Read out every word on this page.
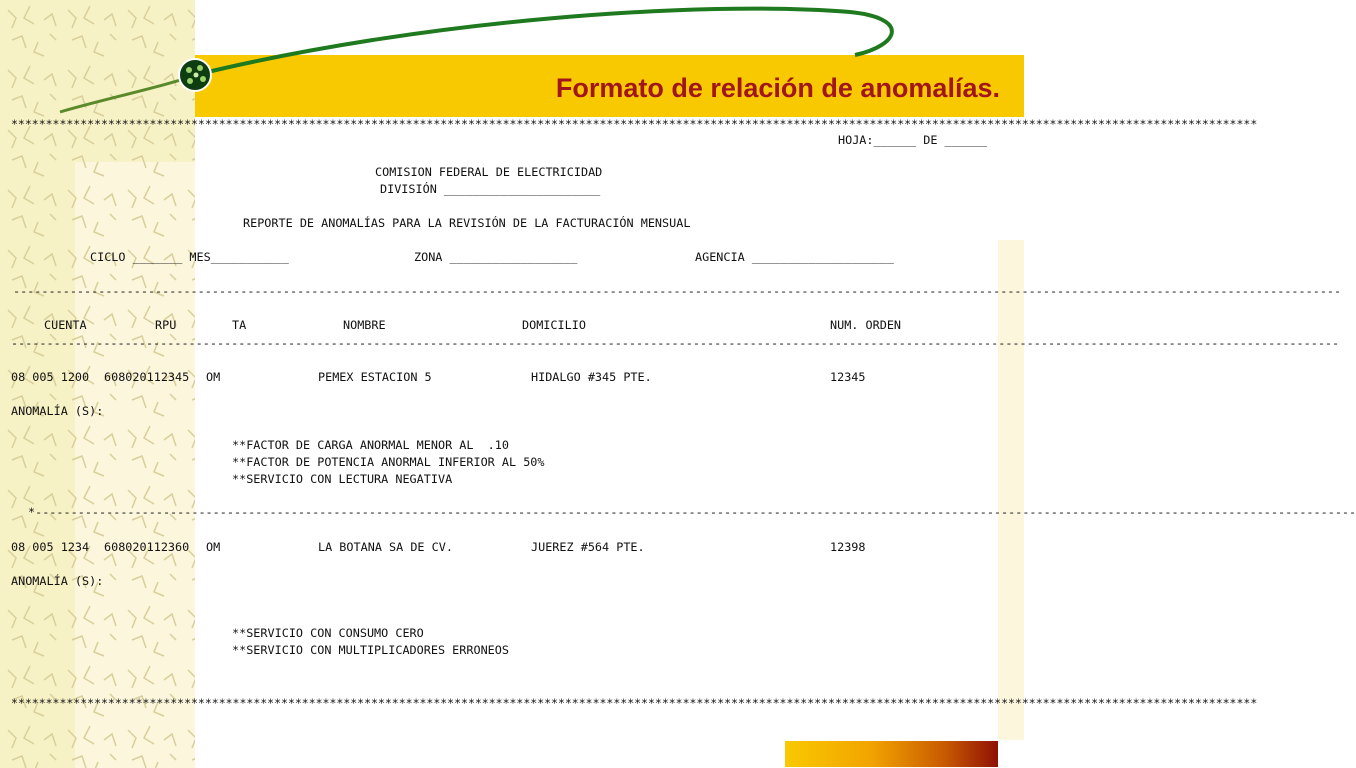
Formato de relación de anomalías.
************************************************************************************************************************************************************************************
HOJA:______ DE ______
COMISION FEDERAL DE ELECTRICIDAD
DIVISIÓN ______________________
REPORTE DE ANOMALÍAS PARA LA REVISIÓN DE LA FACTURACIÓN MENSUAL
CICLO _______ MES___________	ZONA __________________	AGENCIA ____________________
-------------------------------------------------------------------------------------------------------------------------------------------------------------------------------------------
CUENTA	RPU	TA	NOMBRE	DOMICILIO	NUM. ORDEN
-------------------------------------------------------------------------------------------------------------------------------------------------------------------------------------------
08 005 1200 608020112345 OM	PEMEX ESTACION 5	HIDALGO #345 PTE.	12345
ANOMALÍA (S):
**FACTOR DE CARGA ANORMAL MENOR AL  .10
**FACTOR DE POTENCIA ANORMAL INFERIOR AL 50%
**SERVICIO CON LECTURA NEGATIVA
*------------------------------------------------------------------------------------------------------------------------------------------------------------------------------------------
08 005 1234 608020112360 OM	LA BOTANA SA DE CV.	JUEREZ #564 PTE.	12398
ANOMALÍA (S):
**SERVICIO CON CONSUMO CERO
**SERVICIO CON MULTIPLICADORES ERRONEOS
************************************************************************************************************************************************************************************
